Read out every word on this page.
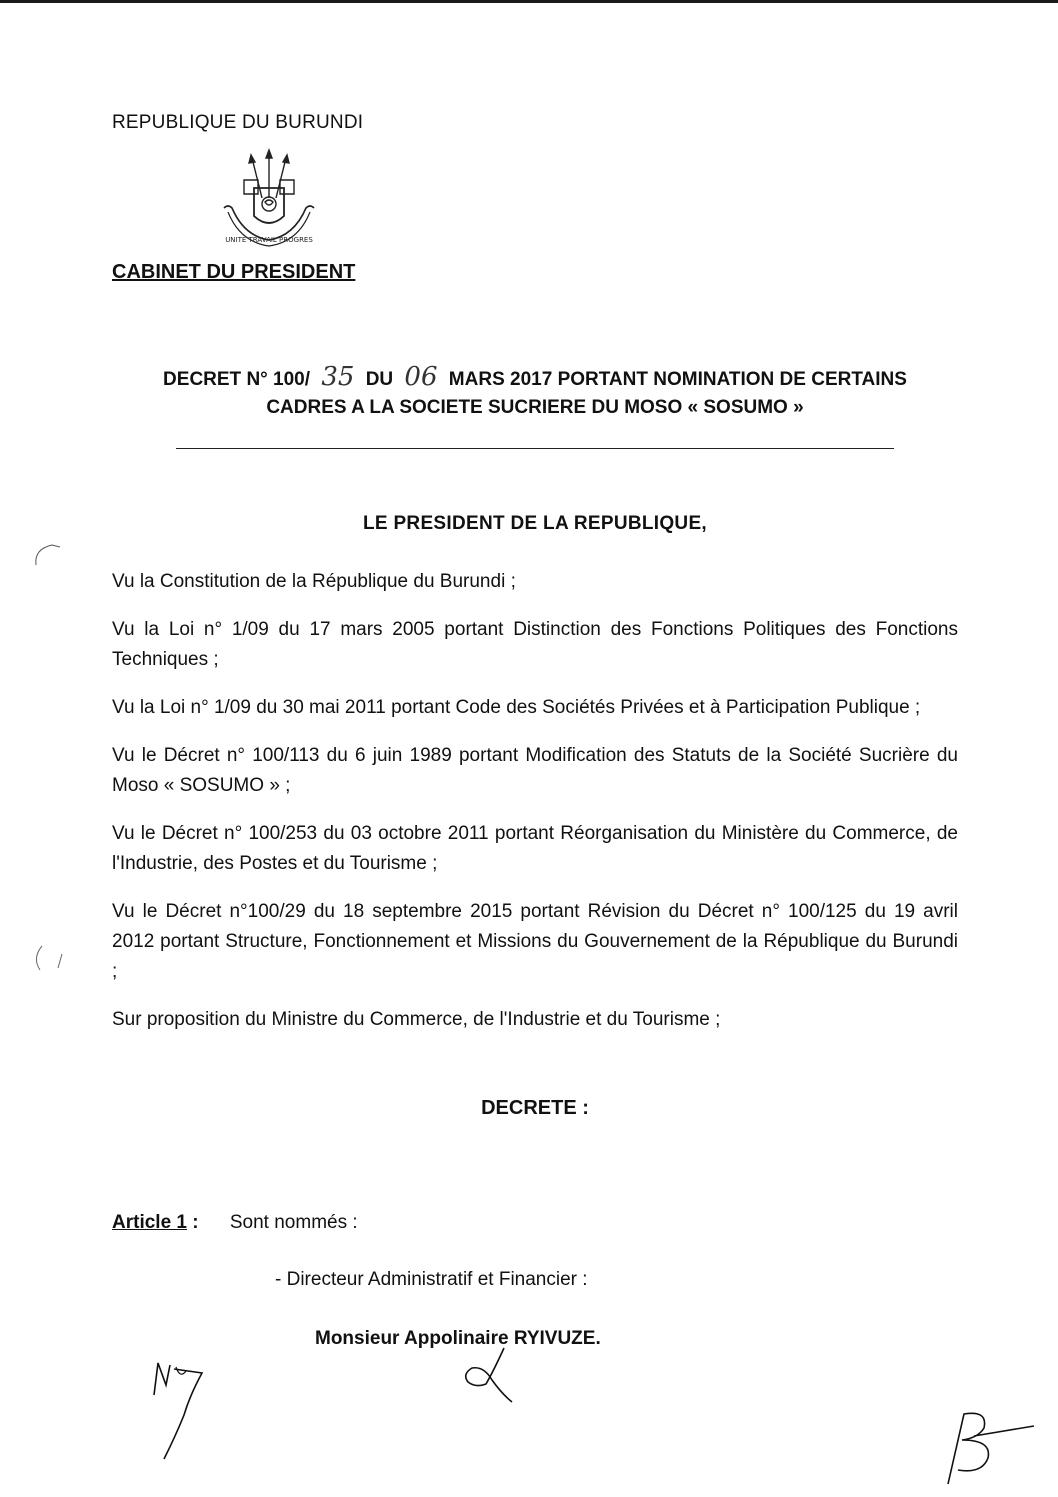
REPUBLIQUE DU BURUNDI
UNITE TRAVAIL PROGRES
CABINET DU PRESIDENT
DECRET N° 100/ 35 DU 06 MARS 2017 PORTANT NOMINATION DE CERTAINS
CADRES A LA SOCIETE SUCRIERE DU MOSO « SOSUMO »
LE PRESIDENT DE LA REPUBLIQUE,

Vu la Constitution de la République du Burundi ;

Vu la Loi n° 1/09 du 17 mars 2005 portant Distinction des Fonctions Politiques des Fonctions Techniques ;

Vu la Loi n° 1/09 du 30 mai 2011 portant Code des Sociétés Privées et à Participation Publique ;

Vu le Décret n° 100/113 du 6 juin 1989 portant Modification des Statuts de la Société Sucrière du Moso « SOSUMO » ;

Vu le Décret n° 100/253 du 03 octobre 2011 portant Réorganisation du Ministère du Commerce, de l'Industrie, des Postes et du Tourisme ;

Vu le Décret n°100/29 du 18 septembre 2015 portant Révision du Décret n° 100/125 du 19 avril 2012 portant Structure, Fonctionnement et Missions du Gouvernement de la République du Burundi ;

Sur proposition du Ministre du Commerce, de l'Industrie et du Tourisme ;

DECRETE :
Article 1 : Sont nommés :
- Directeur Administratif et Financier :
Monsieur Appolinaire RYIVUZE.
